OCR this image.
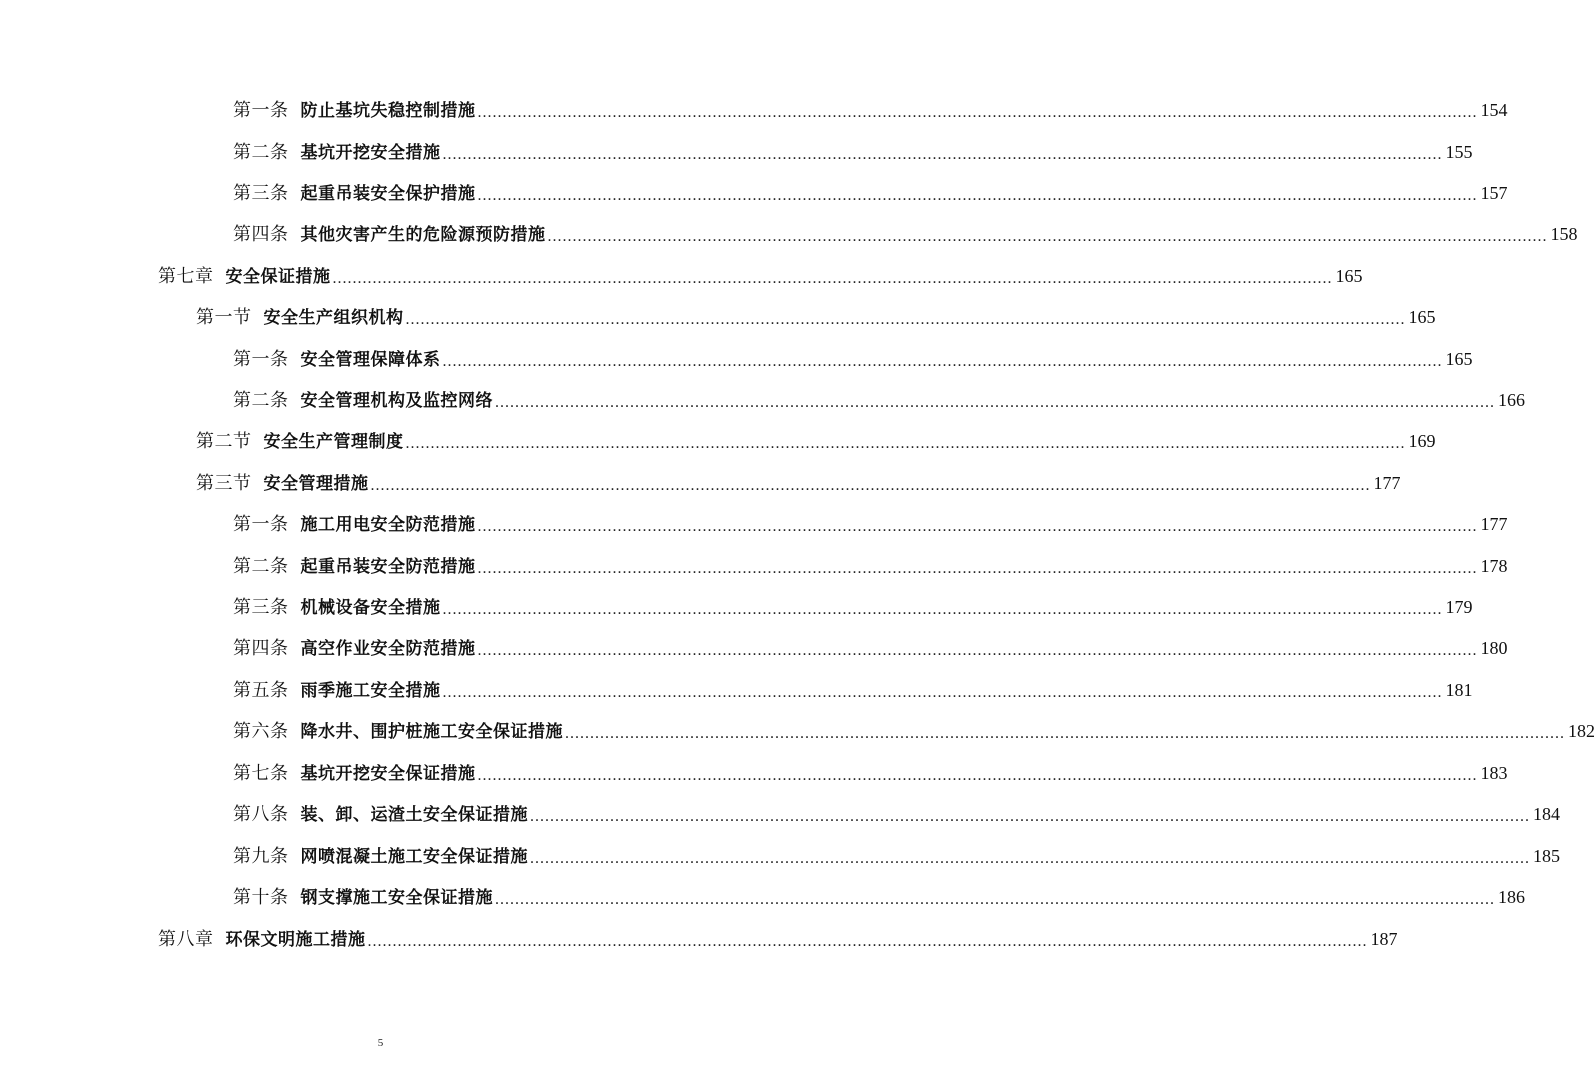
第一条 防止基坑失稳控制措施 ........................................................................................................................................................................................................ 154
第二条 基坑开挖安全措施 ........................................................................................................................................................................................................ 155
第三条 起重吊装安全保护措施 ........................................................................................................................................................................................................ 157
第四条 其他灾害产生的危险源预防措施 ........................................................................................................................................................................................................ 158
第七章 安全保证措施 ........................................................................................................................................................................................................ 165
第一节 安全生产组织机构 ........................................................................................................................................................................................................ 165
第一条 安全管理保障体系 ........................................................................................................................................................................................................ 165
第二条 安全管理机构及监控网络 ........................................................................................................................................................................................................ 166
第二节 安全生产管理制度 ........................................................................................................................................................................................................ 169
第三节 安全管理措施 ........................................................................................................................................................................................................ 177
第一条 施工用电安全防范措施 ........................................................................................................................................................................................................ 177
第二条 起重吊装安全防范措施 ........................................................................................................................................................................................................ 178
第三条 机械设备安全措施 ........................................................................................................................................................................................................ 179
第四条 高空作业安全防范措施 ........................................................................................................................................................................................................ 180
第五条 雨季施工安全措施 ........................................................................................................................................................................................................ 181
第六条 降水井、围护桩施工安全保证措施 ........................................................................................................................................................................................................ 182
第七条 基坑开挖安全保证措施 ........................................................................................................................................................................................................ 183
第八条 装、卸、运渣土安全保证措施 ........................................................................................................................................................................................................ 184
第九条 网喷混凝土施工安全保证措施 ........................................................................................................................................................................................................ 185
第十条 钢支撑施工安全保证措施 ........................................................................................................................................................................................................ 186
第八章 环保文明施工措施 ........................................................................................................................................................................................................ 187
5
